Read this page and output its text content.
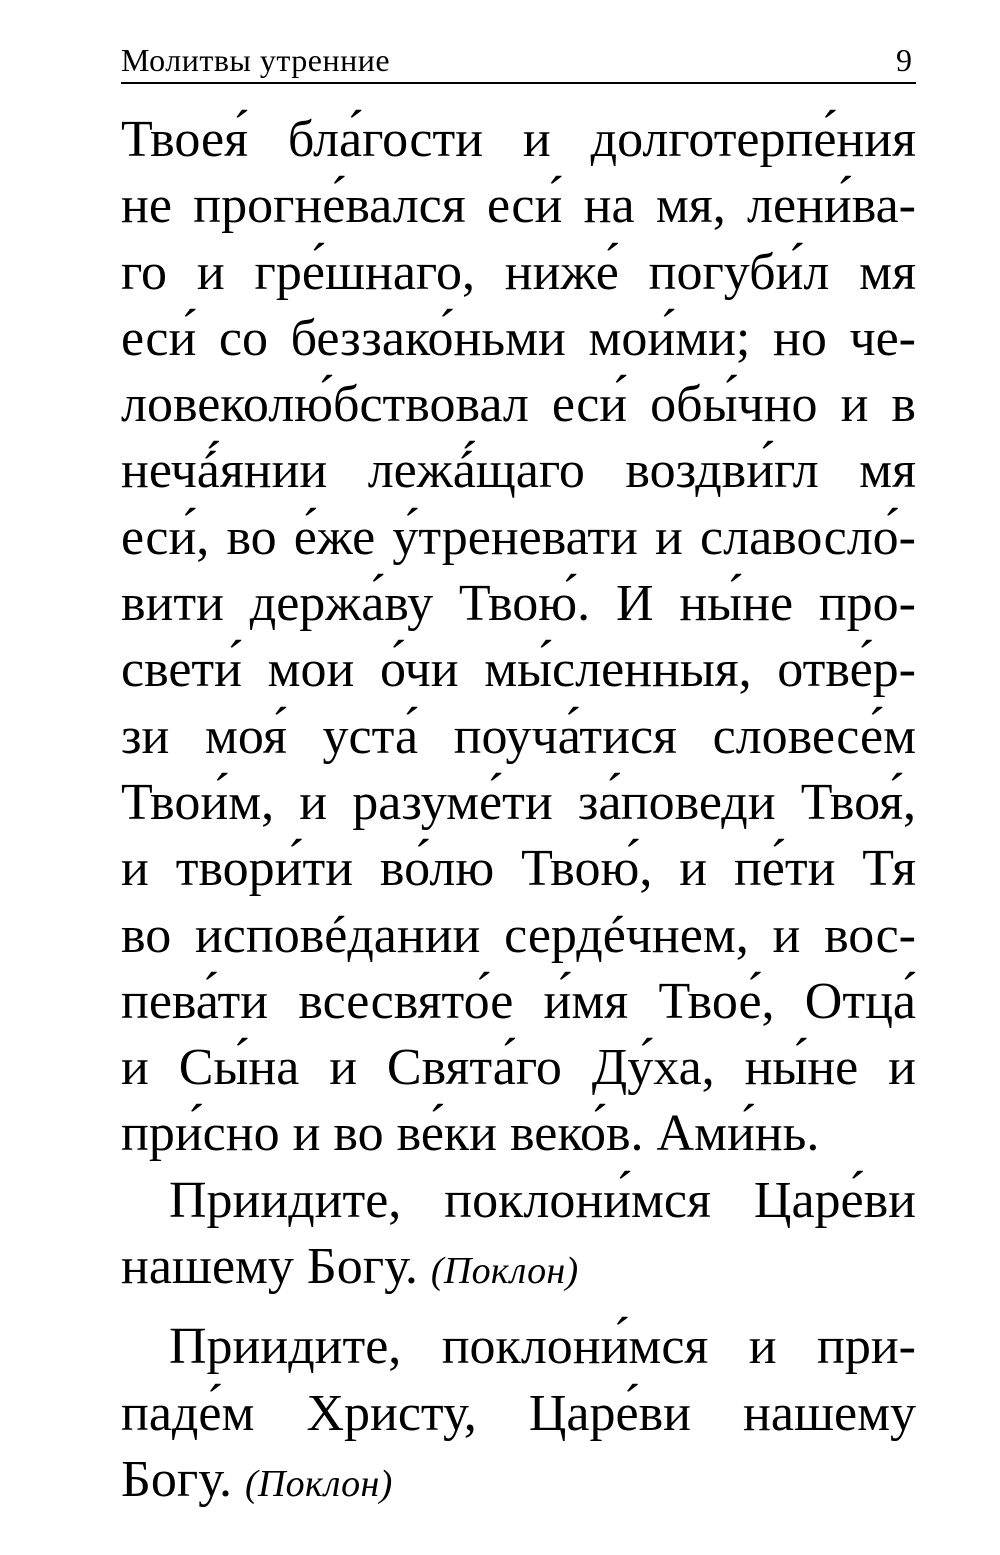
Молитвы утренние	9
Твоея́ бла́гости и долготерпе́ния
не прогне́вался еси́ на мя, лени́ва-
го и гре́шнаго, ниже́ погуби́л мя
еси́ со беззако́ньми мои́ми; но че-
ловеколю́бствовал еси́ обы́чно и в
нечá́янии лежá́щаго воздви́гл мя
еси́, во е́же у́треневати и славосло́-
вити держа́ву Твою́. И ны́не про-
свети́ мои о́чи мы́сленныя, отве́р-
зи моя́ уста́ поуча́тися словесе́м
Твои́м, и разуме́ти за́поведи Твоя́,
и твори́ти во́лю Твою́, и пе́ти Тя
во исповéдании сердéчнем, и вос-
пева́ти всесвято́е и́мя Твое́, Отца́
и Сы́на и Свята́го Ду́ха, ны́не и
при́сно и во ве́ки веко́в. Ами́нь.
Приидите, поклони́мся Царе́ви
нашему Богу. (Поклон)
Приидите, поклони́мся и при-
паде́м Христу, Царе́ви нашему
Богу. (Поклон)
